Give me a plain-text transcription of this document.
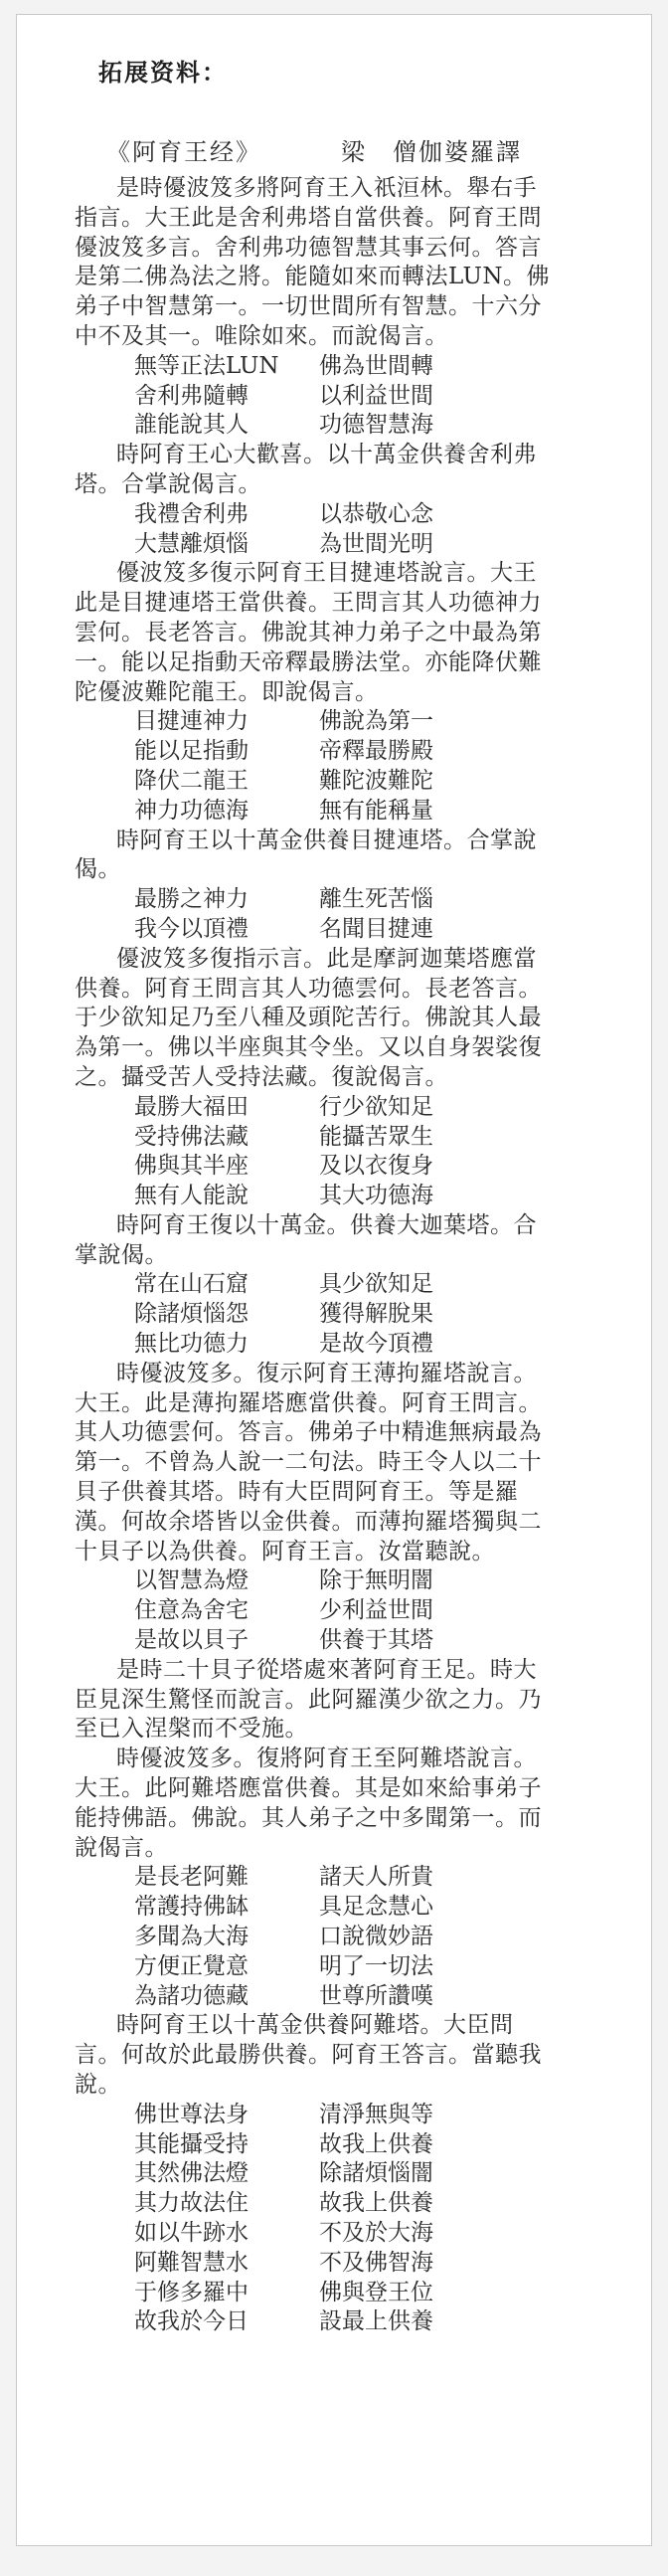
拓展资料：
《阿育王经》	梁　僧伽婆羅譯

是時優波笈多將阿育王入祇洹林。舉右手
指言。大王此是舍利弗塔自當供養。阿育王問
優波笈多言。舍利弗功德智慧其事云何。答言
是第二佛為法之將。能隨如來而轉法LUN。佛
弟子中智慧第一。一切世間所有智慧。十六分
中不及其一。唯除如來。而說偈言。

無等正法LUN	佛為世間轉
舍利弗隨轉	以利益世間
誰能說其人	功德智慧海

時阿育王心大歡喜。以十萬金供養舍利弗
塔。合掌說偈言。

我禮舍利弗	以恭敬心念
大慧離煩惱	為世間光明

優波笈多復示阿育王目揵連塔說言。大王
此是目揵連塔王當供養。王問言其人功德神力
雲何。長老答言。佛說其神力弟子之中最為第
一。能以足指動天帝釋最勝法堂。亦能降伏難
陀優波難陀龍王。即說偈言。

目揵連神力	佛說為第一
能以足指動	帝釋最勝殿
降伏二龍王	難陀波難陀
神力功德海	無有能稱量

時阿育王以十萬金供養目揵連塔。合掌說
偈。

最勝之神力	離生死苦惱
我今以頂禮	名聞目揵連

優波笈多復指示言。此是摩訶迦葉塔應當
供養。阿育王問言其人功德雲何。長老答言。
于少欲知足乃至八種及頭陀苦行。佛說其人最
為第一。佛以半座與其令坐。又以自身袈裟復
之。攝受苦人受持法藏。復說偈言。

最勝大福田	行少欲知足
受持佛法藏	能攝苦眾生
佛與其半座	及以衣復身
無有人能說	其大功德海

時阿育王復以十萬金。供養大迦葉塔。合
掌說偈。

常在山石窟	具少欲知足
除諸煩惱怨	獲得解脫果
無比功德力	是故今頂禮

時優波笈多。復示阿育王薄拘羅塔說言。
大王。此是薄拘羅塔應當供養。阿育王問言。
其人功德雲何。答言。佛弟子中精進無病最為
第一。不曾為人說一二句法。時王令人以二十
貝子供養其塔。時有大臣問阿育王。等是羅
漢。何故余塔皆以金供養。而薄拘羅塔獨與二
十貝子以為供養。阿育王言。汝當聽說。

以智慧為燈	除于無明闇
住意為舍宅	少利益世間
是故以貝子	供養于其塔

是時二十貝子從塔處來著阿育王足。時大
臣見深生驚怪而說言。此阿羅漢少欲之力。乃
至已入涅槃而不受施。

時優波笈多。復將阿育王至阿難塔說言。
大王。此阿難塔應當供養。其是如來給事弟子
能持佛語。佛說。其人弟子之中多聞第一。而
說偈言。

是長老阿難	諸天人所貴
常護持佛缽	具足念慧心
多聞為大海	口說微妙語
方便正覺意	明了一切法
為諸功德藏	世尊所讚嘆

時阿育王以十萬金供養阿難塔。大臣問
言。何故於此最勝供養。阿育王答言。當聽我
說。

佛世尊法身	清淨無與等
其能攝受持	故我上供養
其然佛法燈	除諸煩惱闇
其力故法住	故我上供養
如以牛跡水	不及於大海
阿難智慧水	不及佛智海
于修多羅中	佛與登王位
故我於今日	設最上供養
